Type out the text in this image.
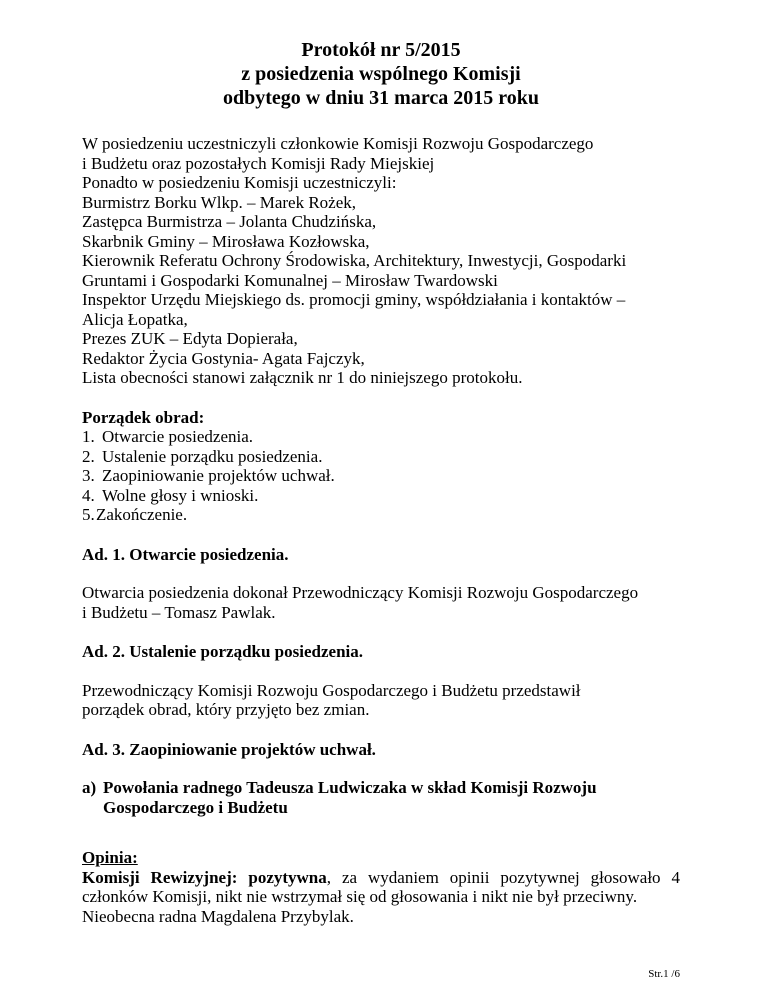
Protokół nr 5/2015
z posiedzenia wspólnego Komisji
odbytego w dniu 31 marca 2015 roku
W posiedzeniu uczestniczyli członkowie Komisji Rozwoju Gospodarczego
i Budżetu oraz pozostałych Komisji Rady Miejskiej
Ponadto w posiedzeniu Komisji uczestniczyli:
Burmistrz Borku Wlkp. – Marek Rożek,
Zastępca Burmistrza – Jolanta Chudzińska,
Skarbnik Gminy – Mirosława Kozłowska,
Kierownik Referatu Ochrony Środowiska, Architektury, Inwestycji, Gospodarki
Gruntami i Gospodarki Komunalnej – Mirosław Twardowski
Inspektor Urzędu Miejskiego ds. promocji gminy, współdziałania i kontaktów –
Alicja Łopatka,
Prezes ZUK – Edyta Dopierała,
Redaktor Życia Gostynia- Agata Fajczyk,
Lista obecności stanowi załącznik nr 1 do niniejszego protokołu.
Porządek obrad:
1. Otwarcie posiedzenia.
2. Ustalenie porządku posiedzenia.
3. Zaopiniowanie projektów uchwał.
4. Wolne głosy i wnioski.
5.Zakończenie.
Ad. 1. Otwarcie posiedzenia.
Otwarcia posiedzenia dokonał Przewodniczący Komisji Rozwoju Gospodarczego
i Budżetu – Tomasz Pawlak.
Ad. 2. Ustalenie porządku posiedzenia.
Przewodniczący Komisji Rozwoju Gospodarczego i Budżetu przedstawił
porządek obrad, który przyjęto bez zmian.
Ad. 3. Zaopiniowanie projektów uchwał.
a) Powołania radnego Tadeusza Ludwiczaka w skład Komisji Rozwoju Gospodarczego i Budżetu
Opinia:
Komisji Rewizyjnej: pozytywna, za wydaniem opinii pozytywnej głosowało 4 członków Komisji, nikt nie wstrzymał się od głosowania i nikt nie był przeciwny.
Nieobecna radna Magdalena Przybylak.
Str.1 /6
